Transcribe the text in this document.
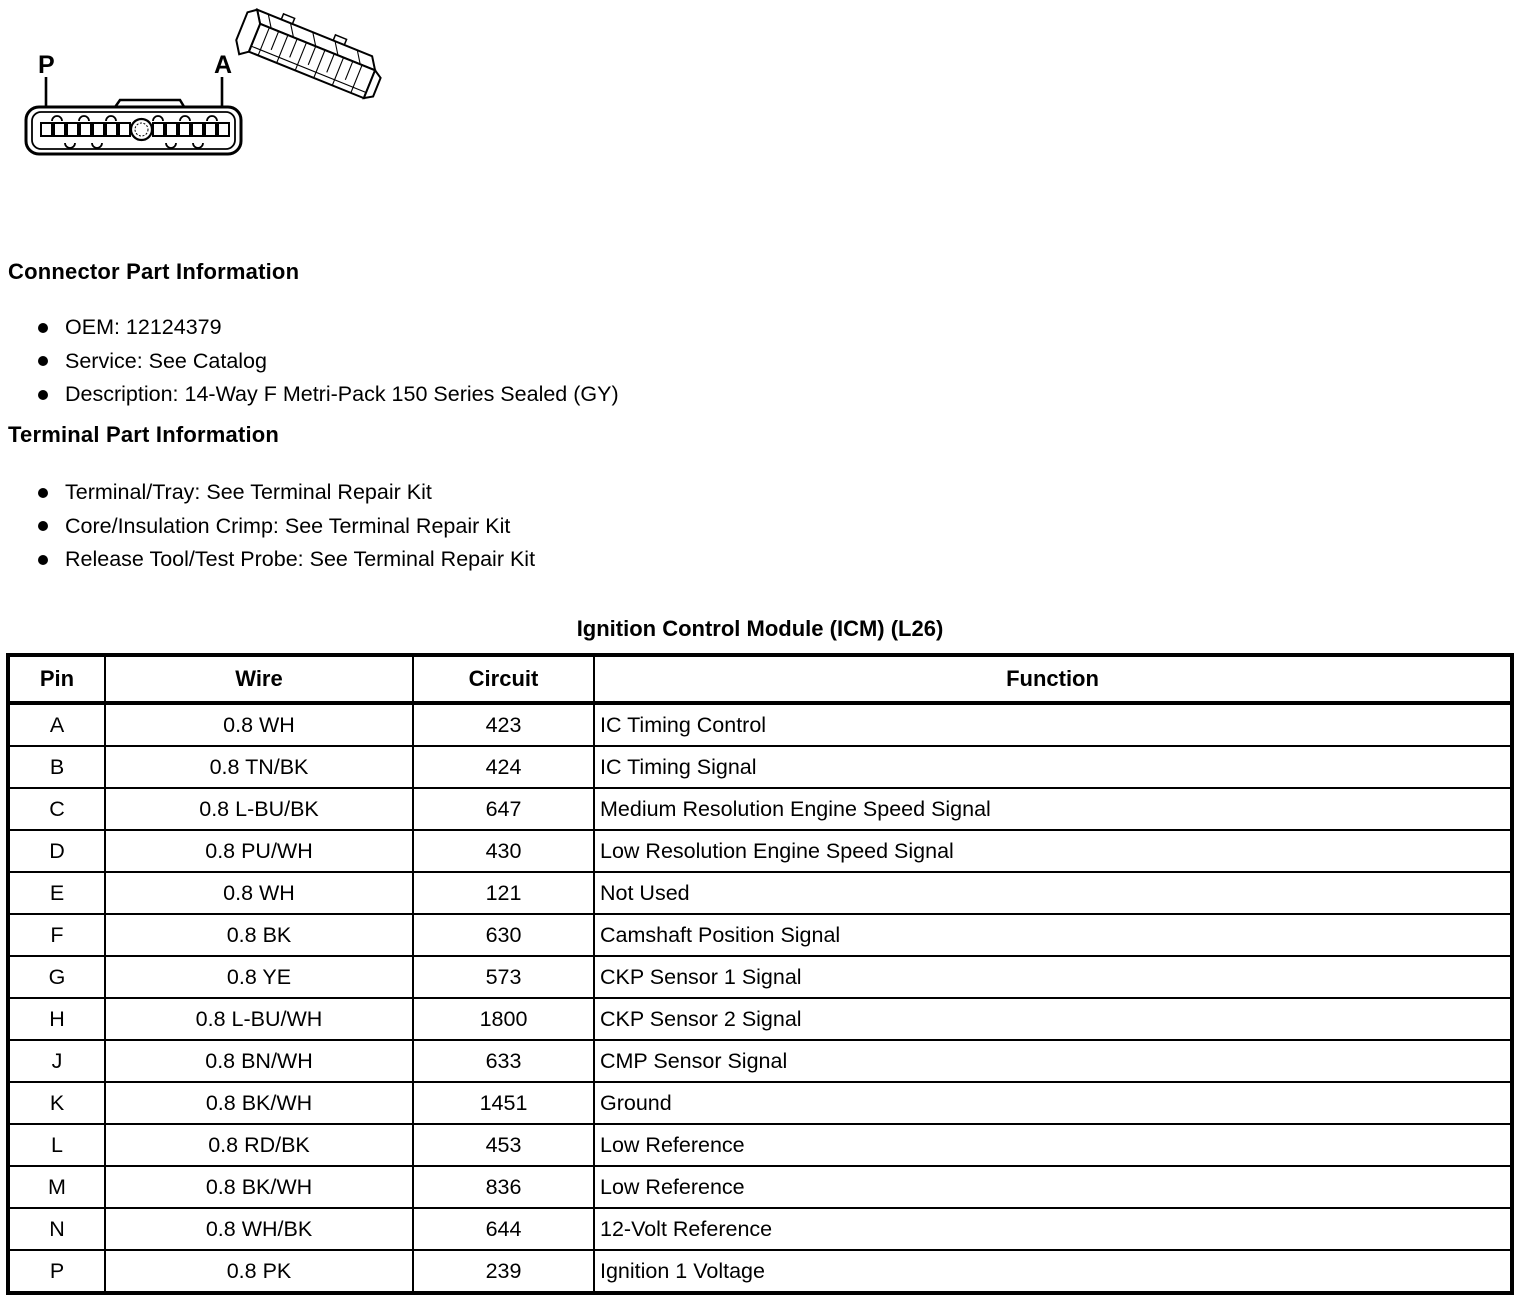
P	A
Connector Part Information
OEM: 12124379
Service: See Catalog
Description: 14-Way F Metri-Pack 150 Series Sealed (GY)
Terminal Part Information
Terminal/Tray: See Terminal Repair Kit
Core/Insulation Crimp: See Terminal Repair Kit
Release Tool/Test Probe: See Terminal Repair Kit
Ignition Control Module (ICM) (L26)
Pin	Wire	Circuit	Function
A	0.8 WH	423	IC Timing Control
B	0.8 TN/BK	424	IC Timing Signal
C	0.8 L-BU/BK	647	Medium Resolution Engine Speed Signal
D	0.8 PU/WH	430	Low Resolution Engine Speed Signal
E	0.8 WH	121	Not Used
F	0.8 BK	630	Camshaft Position Signal
G	0.8 YE	573	CKP Sensor 1 Signal
H	0.8 L-BU/WH	1800	CKP Sensor 2 Signal
J	0.8 BN/WH	633	CMP Sensor Signal
K	0.8 BK/WH	1451	Ground
L	0.8 RD/BK	453	Low Reference
M	0.8 BK/WH	836	Low Reference
N	0.8 WH/BK	644	12-Volt Reference
P	0.8 PK	239	Ignition 1 Voltage
